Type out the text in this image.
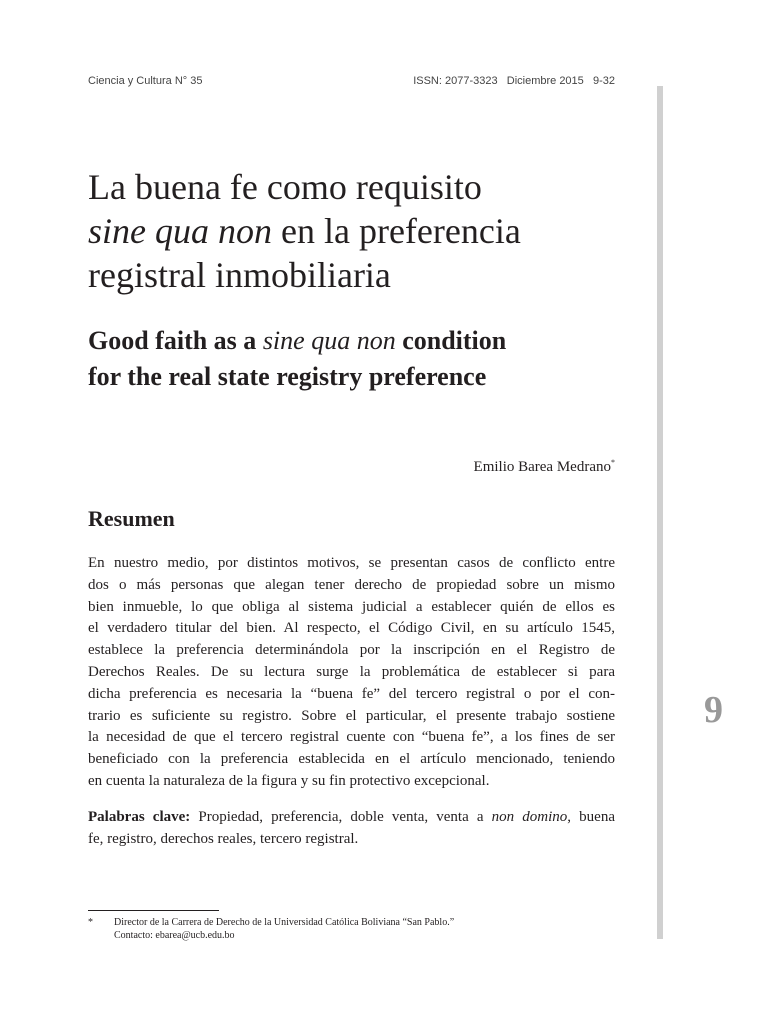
Ciencia y Cultura N° 35	ISSN: 2077-3323 Diciembre 2015 9-32
9
La buena fe como requisito
sine qua non en la preferencia
registral inmobiliaria
Good faith as a sine qua non condition
for the real state registry preference
Emilio Barea Medrano*
Resumen

En nuestro medio, por distintos motivos, se presentan casos de conflicto entre
dos o más personas que alegan tener derecho de propiedad sobre un mismo
bien inmueble, lo que obliga al sistema judicial a establecer quién de ellos es
el verdadero titular del bien. Al respecto, el Código Civil, en su artículo 1545,
establece la preferencia determinándola por la inscripción en el Registro de
Derechos Reales. De su lectura surge la problemática de establecer si para
dicha preferencia es necesaria la “buena fe” del tercero registral o por el con-
trario es suficiente su registro. Sobre el particular, el presente trabajo sostiene
la necesidad de que el tercero registral cuente con “buena fe”, a los fines de ser
beneficiado con la preferencia establecida en el artículo mencionado, teniendo
en cuenta la naturaleza de la figura y su fin protectivo excepcional.

Palabras clave: Propiedad, preferencia, doble venta, venta a non domino, buena
fe, registro, derechos reales, tercero registral.

* Director de la Carrera de Derecho de la Universidad Católica Boliviana “San Pablo.”
Contacto: ebarea@ucb.edu.bo
